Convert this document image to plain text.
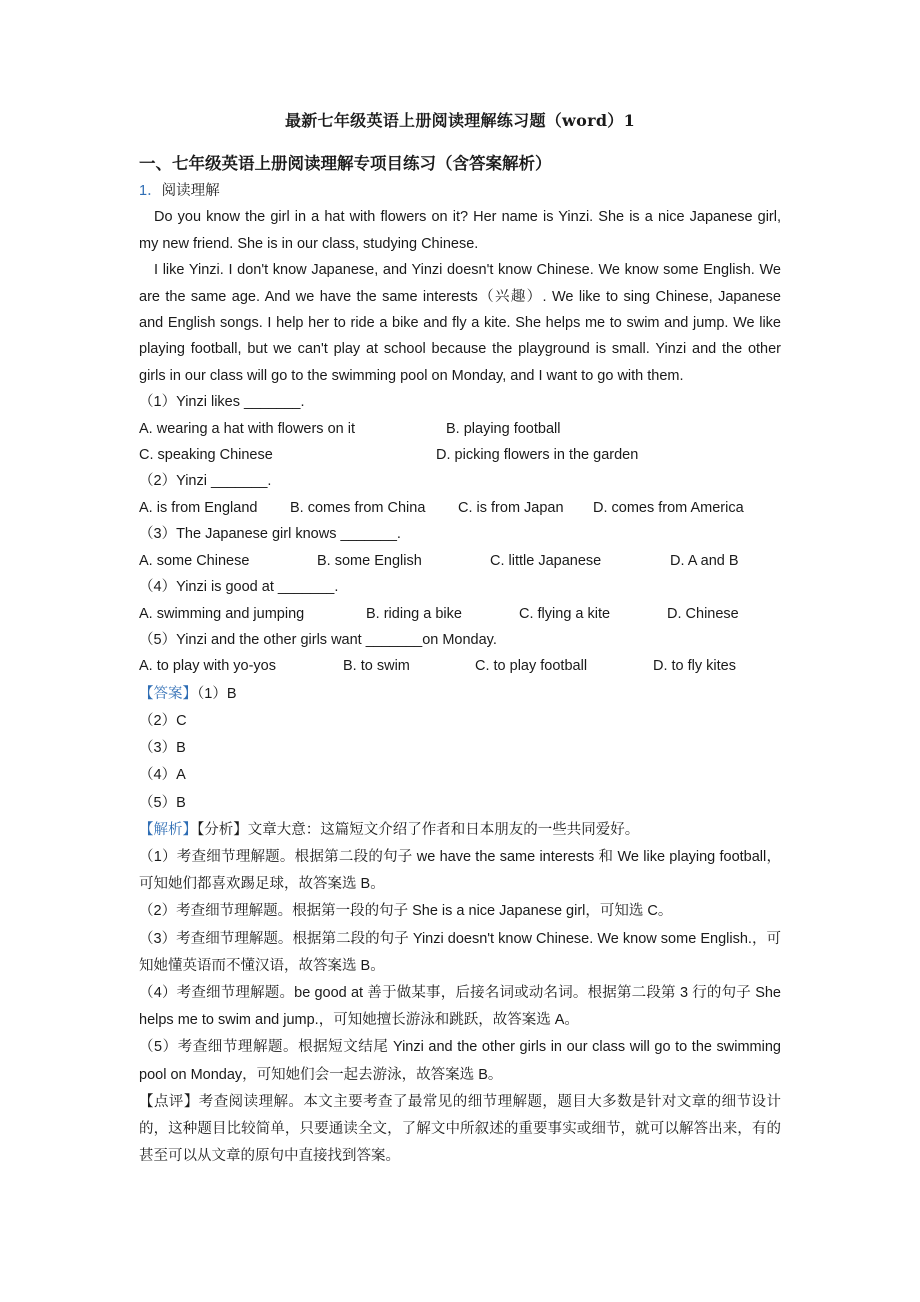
最新七年级英语上册阅读理解练习题（word）1

一、七年级英语上册阅读理解专项目练习（含答案解析）

1．阅读理解

Do you know the girl in a hat with flowers on it? Her name is Yinzi. She is a nice Japanese girl, my new friend. She is in our class, studying Chinese.

I like Yinzi. I don't know Japanese, and Yinzi doesn't know Chinese. We know some English. We are the same age. And we have the same interests（兴趣）. We like to sing Chinese, Japanese and English songs. I help her to ride a bike and fly a kite. She helps me to swim and jump. We like playing football, but we can't play at school because the playground is small. Yinzi and the other girls in our class will go to the swimming pool on Monday, and I want to go with them.

（1）Yinzi likes _______.

A. wearing a hat with flowers on it	B. playing football
C. speaking Chinese	D. picking flowers in the garden

（2）Yinzi _______.

A. is from England	B. comes from China	C. is from Japan	D. comes from America

（3）The Japanese girl knows _______.

A. some Chinese	B. some English	C. little Japanese	D. A and B

（4）Yinzi is good at _______.

A. swimming and jumping	B. riding a bike	C. flying a kite	D. Chinese

（5）Yinzi and the other girls want _______on Monday.

A. to play with yo-yos	B. to swim	C. to play football	D. to fly kites

【答案】（1）B

（2）C

（3）B

（4）A

（5）B

【解析】【分析】文章大意：这篇短文介绍了作者和日本朋友的一些共同爱好。

（1）考查细节理解题。根据第二段的句子 we have the same interests 和 We like playing football，可知她们都喜欢踢足球，故答案选 B。

（2）考查细节理解题。根据第一段的句子 She is a nice Japanese girl，可知选 C。

（3）考查细节理解题。根据第二段的句子 Yinzi doesn't know Chinese. We know some English.，可知她懂英语而不懂汉语，故答案选 B。

（4）考查细节理解题。be good at 善于做某事，后接名词或动名词。根据第二段第 3 行的句子 She helps me to swim and jump.，可知她擅长游泳和跳跃，故答案选 A。

（5）考查细节理解题。根据短文结尾 Yinzi and the other girls in our class will go to the swimming pool on Monday，可知她们会一起去游泳，故答案选 B。

【点评】考查阅读理解。本文主要考查了最常见的细节理解题，题目大多数是针对文章的细节设计的，这种题目比较简单，只要通读全文，了解文中所叙述的重要事实或细节，就可以解答出来，有的甚至可以从文章的原句中直接找到答案。
